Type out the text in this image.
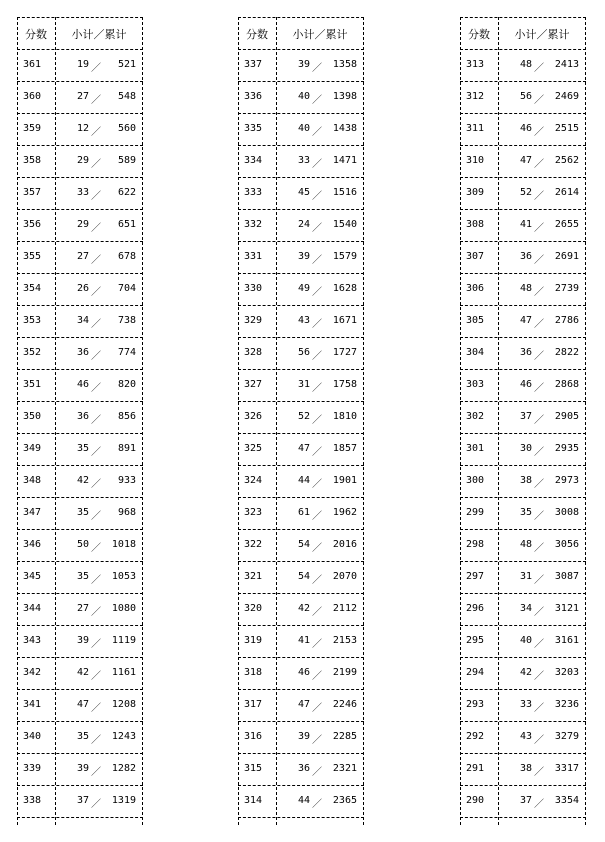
分数	小计／累计
361	19 ／	521
360	27 ／	548
359	12 ／	560
358	29 ／	589
357	33 ／	622
356	29 ／	651
355	27 ／	678
354	26 ／	704
353	34 ／	738
352	36 ／	774
351	46 ／	820
350	36 ／	856
349	35 ／	891
348	42 ／	933
347	35 ／	968
346	50 ／	1018
345	35 ／	1053
344	27 ／	1080
343	39 ／	1119
342	42 ／	1161
341	47 ／	1208
340	35 ／	1243
339	39 ／	1282
338	37 ／	1319
分数	小计／累计
337	39 ／	1358
336	40 ／	1398
335	40 ／	1438
334	33 ／	1471
333	45 ／	1516
332	24 ／	1540
331	39 ／	1579
330	49 ／	1628
329	43 ／	1671
328	56 ／	1727
327	31 ／	1758
326	52 ／	1810
325	47 ／	1857
324	44 ／	1901
323	61 ／	1962
322	54 ／	2016
321	54 ／	2070
320	42 ／	2112
319	41 ／	2153
318	46 ／	2199
317	47 ／	2246
316	39 ／	2285
315	36 ／	2321
314	44 ／	2365
分数	小计／累计
313	48 ／	2413
312	56 ／	2469
311	46 ／	2515
310	47 ／	2562
309	52 ／	2614
308	41 ／	2655
307	36 ／	2691
306	48 ／	2739
305	47 ／	2786
304	36 ／	2822
303	46 ／	2868
302	37 ／	2905
301	30 ／	2935
300	38 ／	2973
299	35 ／	3008
298	48 ／	3056
297	31 ／	3087
296	34 ／	3121
295	40 ／	3161
294	42 ／	3203
293	33 ／	3236
292	43 ／	3279
291	38 ／	3317
290	37 ／	3354
